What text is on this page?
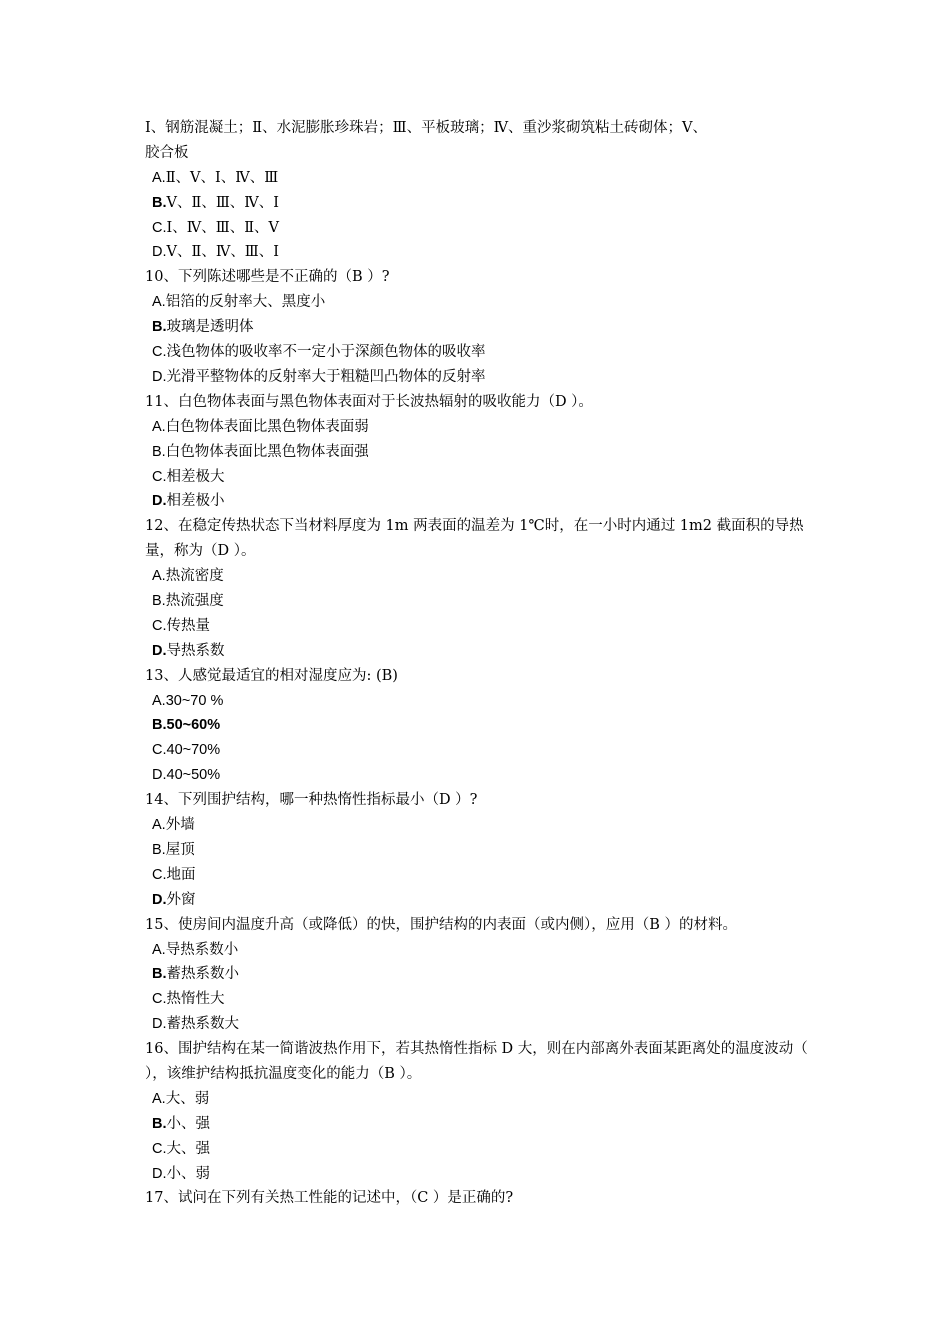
Ⅰ、钢筋混凝土；Ⅱ、水泥膨胀珍珠岩；Ⅲ、平板玻璃；Ⅳ、重沙浆砌筑粘土砖砌体；Ⅴ、
胶合板
A.Ⅱ、Ⅴ、Ⅰ、Ⅳ、Ⅲ
B.Ⅴ、Ⅱ、Ⅲ、Ⅳ、Ⅰ
C.Ⅰ、Ⅳ、Ⅲ、Ⅱ、Ⅴ
D.Ⅴ、Ⅱ、Ⅳ、Ⅲ、Ⅰ
10、下列陈述哪些是不正确的（B ）?
A.铝箔的反射率大、黑度小
B.玻璃是透明体
C.浅色物体的吸收率不一定小于深颜色物体的吸收率
D.光滑平整物体的反射率大于粗糙凹凸物体的反射率
11、白色物体表面与黑色物体表面对于长波热辐射的吸收能力（D ）。
A.白色物体表面比黑色物体表面弱
B.白色物体表面比黑色物体表面强
C.相差极大
D.相差极小
12、在稳定传热状态下当材料厚度为 1m 两表面的温差为 1℃时，在一小时内通过 1m2 截面积的导热量，称为（D ）。
A.热流密度
B.热流强度
C.传热量
D.导热系数
13、人感觉最适宜的相对湿度应为: (B)
A.30~70 %
B.50~60%
C.40~70%
D.40~50%
14、下列围护结构，哪一种热惰性指标最小（D ）?
A.外墙
B.屋顶
C.地面
D.外窗
15、使房间内温度升高（或降低）的快，围护结构的内表面（或内侧），应用（B ）的材料。
A.导热系数小
B.蓄热系数小
C.热惰性大
D.蓄热系数大
16、围护结构在某一简谐波热作用下，若其热惰性指标 D 大，则在内部离外表面某距离处的温度波动（ ），该维护结构抵抗温度变化的能力（B ）。
A.大、弱
B.小、强
C.大、强
D.小、弱
17、试问在下列有关热工性能的记述中，（C ）是正确的?
